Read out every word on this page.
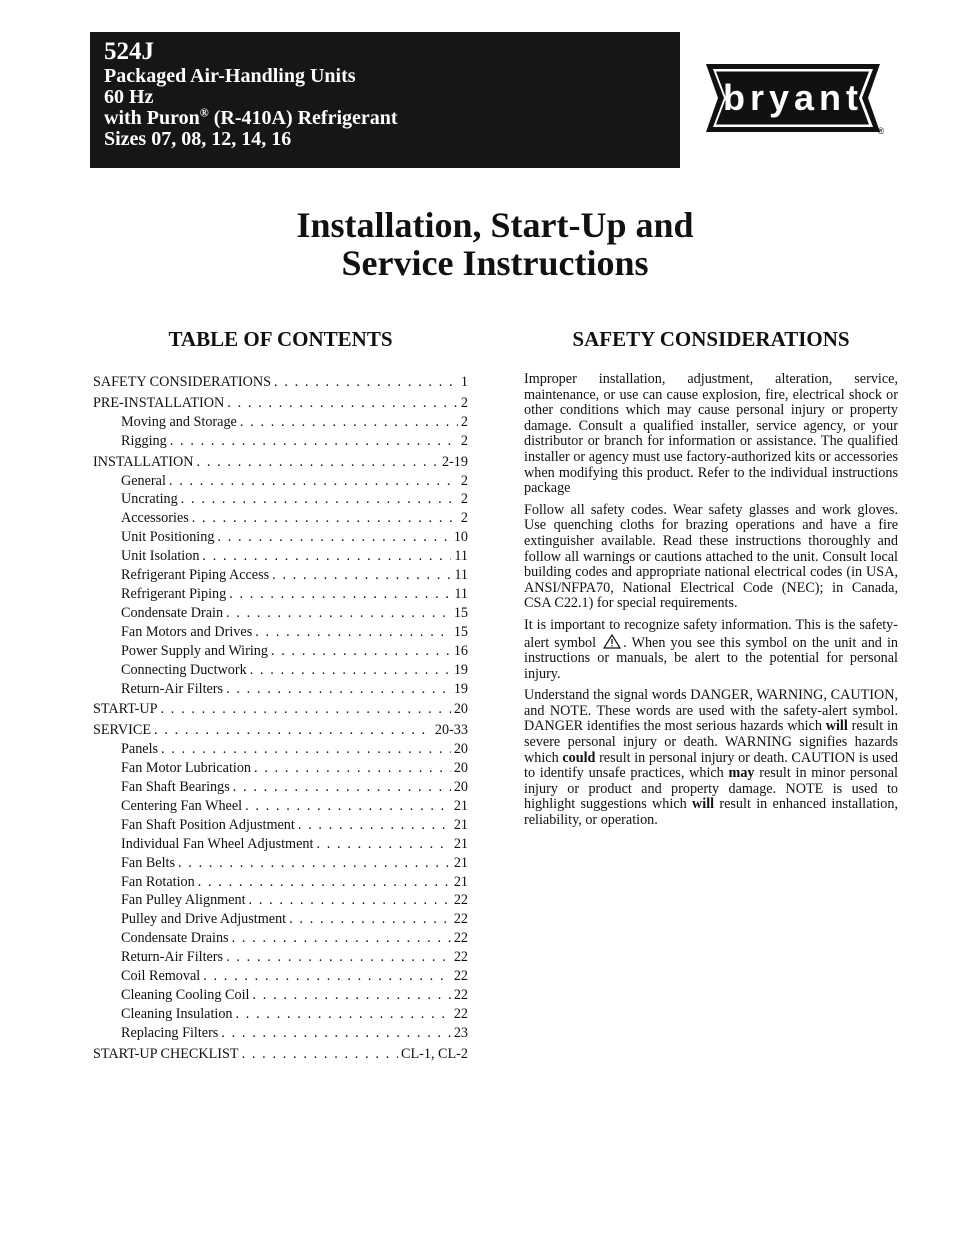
524J
Packaged Air-Handling Units
60 Hz
with Puron® (R-410A) Refrigerant
Sizes 07, 08, 12, 14, 16
bryant
®
Installation, Start-Up and
Service Instructions
TABLE OF CONTENTS
SAFETY CONSIDERATIONS . . .	1
PRE-INSTALLATION . . .	2
Moving and Storage . . .	2
Rigging . . .	2
INSTALLATION . . .	2-19
General . . .	2
Uncrating . . .	2
Accessories . . .	2
Unit Positioning . . .	10
Unit Isolation . . .	11
Refrigerant Piping Access . . .	11
Refrigerant Piping . . .	11
Condensate Drain . . .	15
Fan Motors and Drives . . .	15
Power Supply and Wiring . . .	16
Connecting Ductwork . . .	19
Return-Air Filters . . .	19
START-UP . . .	20
SERVICE . . .	20-33
Panels . . .	20
Fan Motor Lubrication . . .	20
Fan Shaft Bearings . . .	20
Centering Fan Wheel . . .	21
Fan Shaft Position Adjustment . . .	21
Individual Fan Wheel Adjustment . . .	21
Fan Belts . . .	21
Fan Rotation . . .	21
Fan Pulley Alignment . . .	22
Pulley and Drive Adjustment . . .	22
Condensate Drains . . .	22
Return-Air Filters . . .	22
Coil Removal . . .	22
Cleaning Cooling Coil . . .	22
Cleaning Insulation . . .	22
Replacing Filters . . .	23
START-UP CHECKLIST . . .	CL-1, CL-2
SAFETY CONSIDERATIONS

Improper installation, adjustment, alteration, service, maintenance, or use can cause explosion, fire, electrical shock or other conditions which may cause personal injury or property damage. Consult a qualified installer, service agency, or your distributor or branch for information or assistance. The qualified installer or agency must use factory-authorized kits or accessories when modifying this product. Refer to the individual instructions package

Follow all safety codes. Wear safety glasses and work gloves. Use quenching cloths for brazing operations and have a fire extinguisher available. Read these instructions thoroughly and follow all warnings or cautions attached to the unit. Consult local building codes and appropriate national electrical codes (in USA, ANSI/NFPA70, National Electrical Code (NEC); in Canada, CSA C22.1) for special requirements.

It is important to recognize safety information. This is the safety-alert symbol . When you see this symbol on the unit and in instructions or manuals, be alert to the potential for personal injury.

Understand the signal words DANGER, WARNING, CAUTION, and NOTE. These words are used with the safety-alert symbol. DANGER identifies the most serious hazards which will result in severe personal injury or death. WARNING signifies hazards which could result in personal injury or death. CAUTION is used to identify unsafe practices, which may result in minor personal injury or product and property damage. NOTE is used to highlight suggestions which will result in enhanced installation, reliability, or operation.
